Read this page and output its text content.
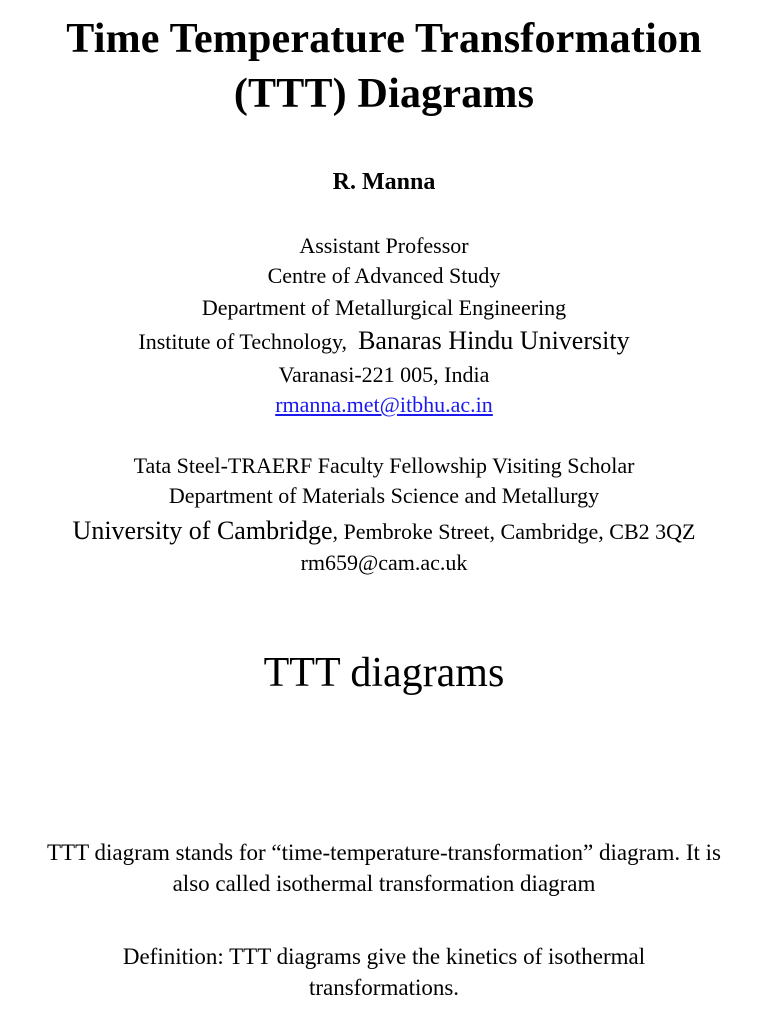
Time Temperature Transformation
(TTT) Diagrams
R. Manna
Assistant Professor
Centre of Advanced Study
Department of Metallurgical Engineering
Institute of Technology, Banaras Hindu University
Varanasi-221 005, India
rmanna.met@itbhu.ac.in
Tata Steel-TRAERF Faculty Fellowship Visiting Scholar
Department of Materials Science and Metallurgy
University of Cambridge, Pembroke Street, Cambridge, CB2 3QZ
rm659@cam.ac.uk
TTT diagrams
TTT diagram stands for “time-temperature-transformation” diagram. It is
also called isothermal transformation diagram
Definition: TTT diagrams give the kinetics of isothermal
transformations.
